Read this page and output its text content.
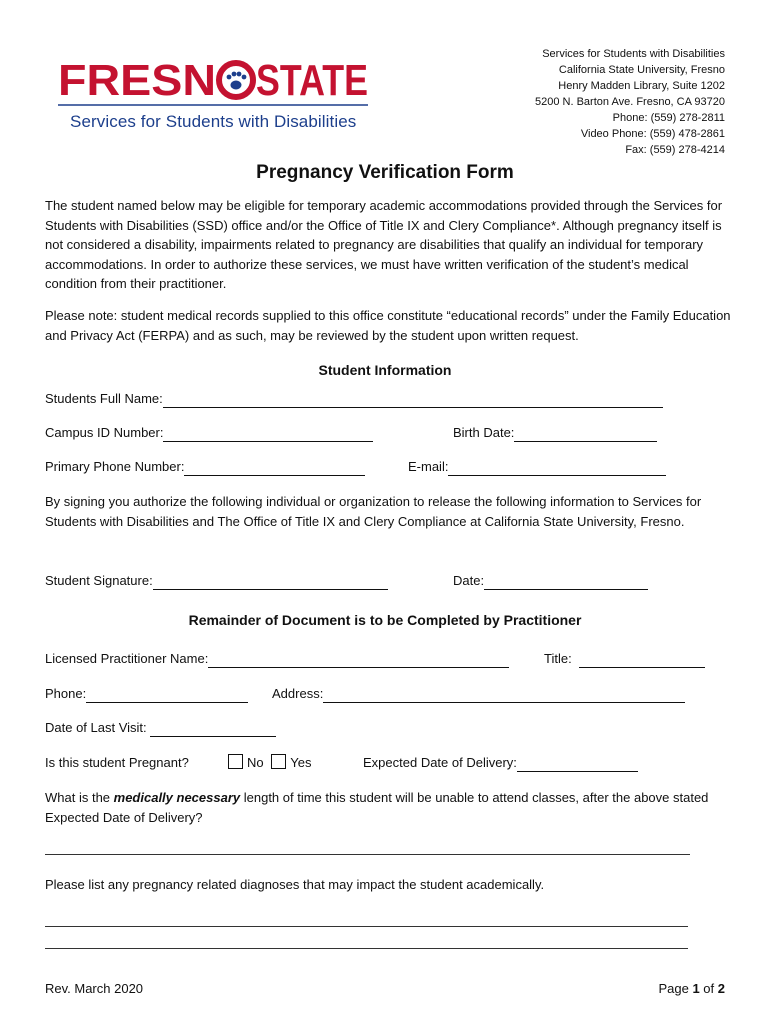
Services for Students with Disabilities
California State University, Fresno
Henry Madden Library, Suite 1202
5200 N. Barton Ave. Fresno, CA 93720
Phone: (559) 278-2811
Video Phone: (559) 478-2861
Fax: (559) 278-4214
FRESN STATE
Services for Students with Disabilities
Pregnancy Verification Form
The student named below may be eligible for temporary academic accommodations provided through the Services for Students with Disabilities (SSD) office and/or the Office of Title IX and Clery Compliance*. Although pregnancy itself is not considered a disability, impairments related to pregnancy are disabilities that qualify an individual for temporary accommodations. In order to authorize these services, we must have written verification of the student’s medical condition from their practitioner.
Please note: student medical records supplied to this office constitute “educational records” under the Family Education and Privacy Act (FERPA) and as such, may be reviewed by the student upon written request.
Student Information
Students Full Name:
Campus ID Number:	Birth Date:
Primary Phone Number:	E-mail:
By signing you authorize the following individual or organization to release the following information to Services for Students with Disabilities and The Office of Title IX and Clery Compliance at California State University, Fresno.
Student Signature:	Date:
Remainder of Document is to be Completed by Practitioner
Licensed Practitioner Name:	Title:
Phone:	Address:
Date of Last Visit:
Is this student Pregnant?	No Yes	Expected Date of Delivery:
What is the medically necessary length of time this student will be unable to attend classes, after the above stated Expected Date of Delivery?
Please list any pregnancy related diagnoses that may impact the student academically.
Rev. March 2020	Page 1 of 2
